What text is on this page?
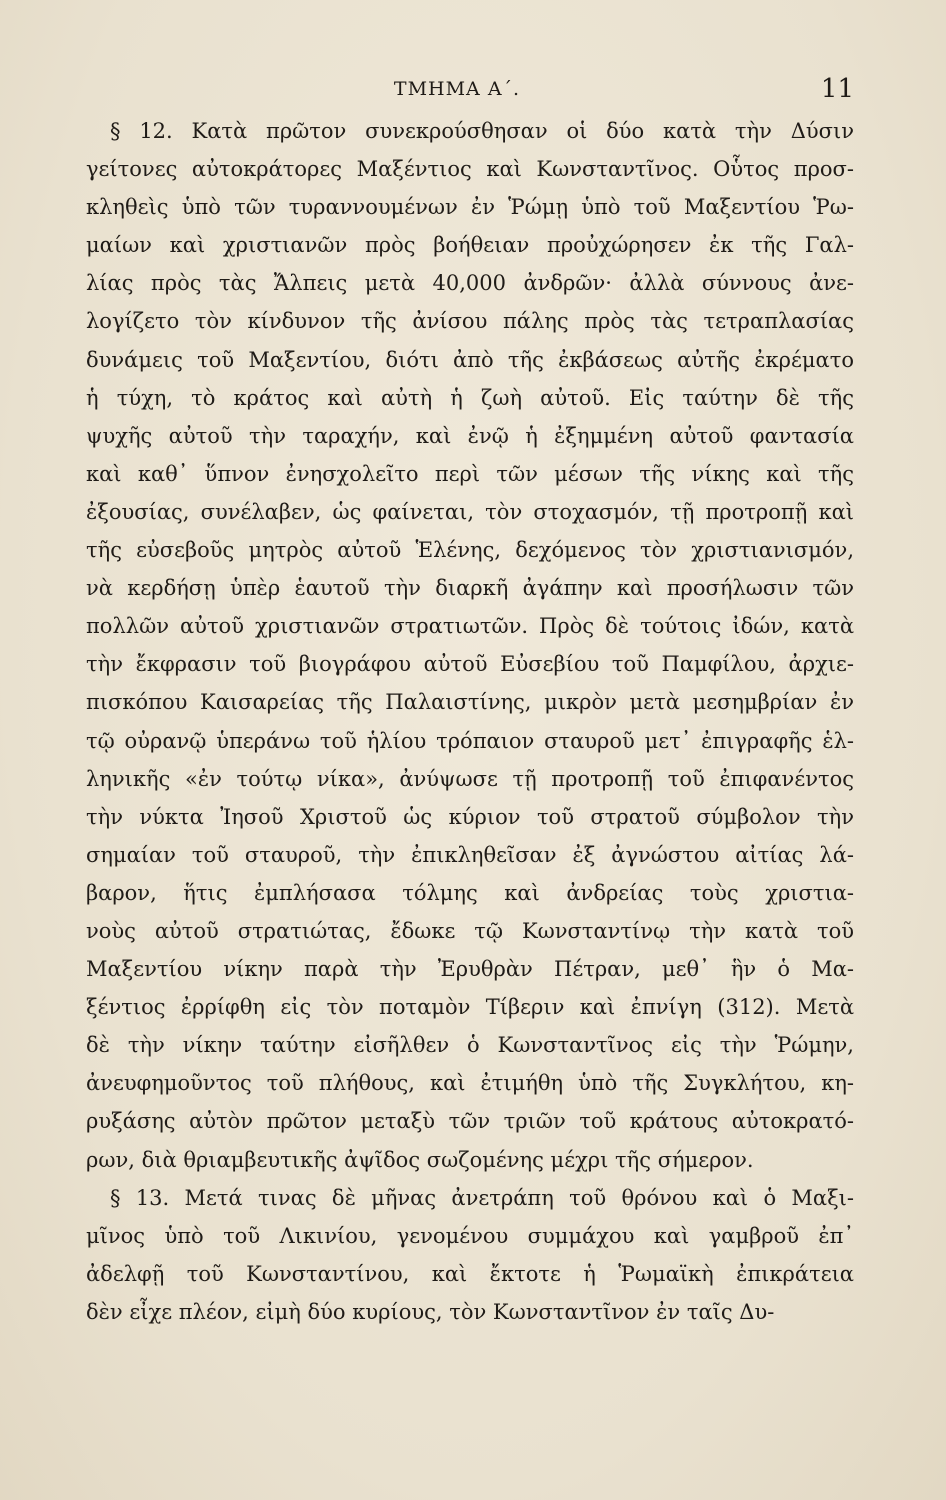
ΤΜΗΜΑ Α΄.	11
§ 12. Κατὰ πρῶτον συνεκρούσθησαν οἱ δύο κατὰ τὴν Δύσιν
γείτονες αὐτοκράτορες Μαξέντιος καὶ Κωνσταντῖνος. Οὗτος προσ-
κληθεὶς ὑπὸ τῶν τυραννουμένων ἐν Ῥώμῃ ὑπὸ τοῦ Μαξεντίου Ῥω-
μαίων καὶ χριστιανῶν πρὸς βοήθειαν προὐχώρησεν ἐκ τῆς Γαλ-
λίας πρὸς τὰς Ἄλπεις μετὰ 40,000 ἀνδρῶν· ἀλλὰ σύννους ἀνε-
λογίζετο τὸν κίνδυνον τῆς ἀνίσου πάλης πρὸς τὰς τετραπλασίας
δυνάμεις τοῦ Μαξεντίου, διότι ἀπὸ τῆς ἐκβάσεως αὐτῆς ἐκρέματο
ἡ τύχη, τὸ κράτος καὶ αὐτὴ ἡ ζωὴ αὐτοῦ. Εἰς ταύτην δὲ τῆς
ψυχῆς αὐτοῦ τὴν ταραχήν, καὶ ἐνῷ ἡ ἐξημμένη αὐτοῦ φαντασία
καὶ καθ᾽ ὕπνον ἐνησχολεῖτο περὶ τῶν μέσων τῆς νίκης καὶ τῆς
ἐξουσίας, συνέλαβεν, ὡς φαίνεται, τὸν στοχασμόν, τῇ προτροπῇ καὶ
τῆς εὐσεβοῦς μητρὸς αὐτοῦ Ἑλένης, δεχόμενος τὸν χριστιανισμόν,
νὰ κερδήσῃ ὑπὲρ ἑαυτοῦ τὴν διαρκῆ ἀγάπην καὶ προσήλωσιν τῶν
πολλῶν αὐτοῦ χριστιανῶν στρατιωτῶν. Πρὸς δὲ τούτοις ἰδών, κατὰ
τὴν ἔκφρασιν τοῦ βιογράφου αὐτοῦ Εὐσεβίου τοῦ Παμφίλου, ἀρχιε-
πισκόπου Καισαρείας τῆς Παλαιστίνης, μικρὸν μετὰ μεσημβρίαν ἐν
τῷ οὐρανῷ ὑπεράνω τοῦ ἡλίου τρόπαιον σταυροῦ μετ᾽ ἐπιγραφῆς ἑλ-
ληνικῆς «ἐν τούτῳ νίκα», ἀνύψωσε τῇ προτροπῇ τοῦ ἐπιφανέντος
τὴν νύκτα Ἰησοῦ Χριστοῦ ὡς κύριον τοῦ στρατοῦ σύμβολον τὴν
σημαίαν τοῦ σταυροῦ, τὴν ἐπικληθεῖσαν ἐξ ἀγνώστου αἰτίας λά-
βαρον, ἥτις ἐμπλήσασα τόλμης καὶ ἀνδρείας τοὺς χριστια-
νοὺς αὐτοῦ στρατιώτας, ἔδωκε τῷ Κωνσταντίνῳ τὴν κατὰ τοῦ
Μαξεντίου νίκην παρὰ τὴν Ἐρυθρὰν Πέτραν, μεθ᾽ ἣν ὁ Μα-
ξέντιος ἐρρίφθη εἰς τὸν ποταμὸν Τίβεριν καὶ ἐπνίγη (312). Μετὰ
δὲ τὴν νίκην ταύτην εἰσῆλθεν ὁ Κωνσταντῖνος εἰς τὴν Ῥώμην,
ἀνευφημοῦντος τοῦ πλήθους, καὶ ἐτιμήθη ὑπὸ τῆς Συγκλήτου, κη-
ρυξάσης αὐτὸν πρῶτον μεταξὺ τῶν τριῶν τοῦ κράτους αὐτοκρατό-
ρων, διὰ θριαμβευτικῆς ἀψῖδος σωζομένης μέχρι τῆς σήμερον.
§ 13. Μετά τινας δὲ μῆνας ἀνετράπη τοῦ θρόνου καὶ ὁ Μαξι-
μῖνος ὑπὸ τοῦ Λικινίου, γενομένου συμμάχου καὶ γαμβροῦ ἐπ᾽
ἀδελφῇ τοῦ Κωνσταντίνου, καὶ ἔκτοτε ἡ Ῥωμαϊκὴ ἐπικράτεια
δὲν εἶχε πλέον, εἰμὴ δύο κυρίους, τὸν Κωνσταντῖνον ἐν ταῖς Δυ-
